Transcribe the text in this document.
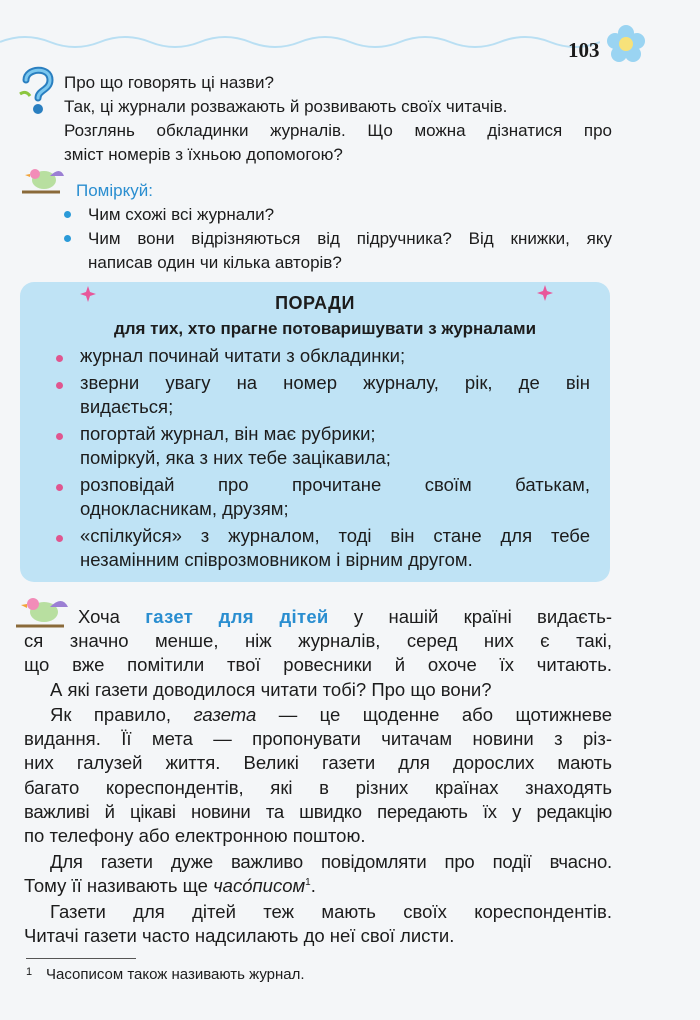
103
Про що говорять ці назви?
Так, ці журнали розважають й розвивають своїх читачів.
Розглянь обкладинки журналів. Що можна дізнатися про
зміст номерів з їхньою допомогою?
Поміркуй:
Чим схожі всі журнали?
Чим вони відрізняються від підручника? Від книжки, яку
написав один чи кілька авторів?
ПОРАДИ
для тих, хто прагне потоваришувати з журналами
журнал починай читати з обкладинки;
зверни увагу на номер журналу, рік, де він
видається;
погортай журнал, він має рубрики;
поміркуй, яка з них тебе зацікавила;
розповідай про прочитане своїм батькам,
однокласникам, друзям;
«спілкуйся» з журналом, тоді він стане для тебе
незамінним співрозмовником і вірним другом.
Хоча газет для дітей у нашій країні видаєть-
ся значно менше, ніж журналів, серед них є такі,
що вже помітили твої ровесники й охоче їх читають.
А які газети доводилося читати тобі? Про що вони?
Як правило, газета — це щоденне або щотижневе
видання. Її мета — пропонувати читачам новини з різ-
них галузей життя. Великі газети для дорослих мають
багато кореспондентів, які в різних країнах знаходять
важливі й цікаві новини та швидко передають їх у редакцію
по телефону або електронною поштою.
Для газети дуже важливо повідомляти про події вчасно.
Тому її називають ще часо́писом$^1$.
Газети для дітей теж мають своїх кореспондентів.
Читачі газети часто надсилають до неї свої листи.
1 Часописом також називають журнал.
